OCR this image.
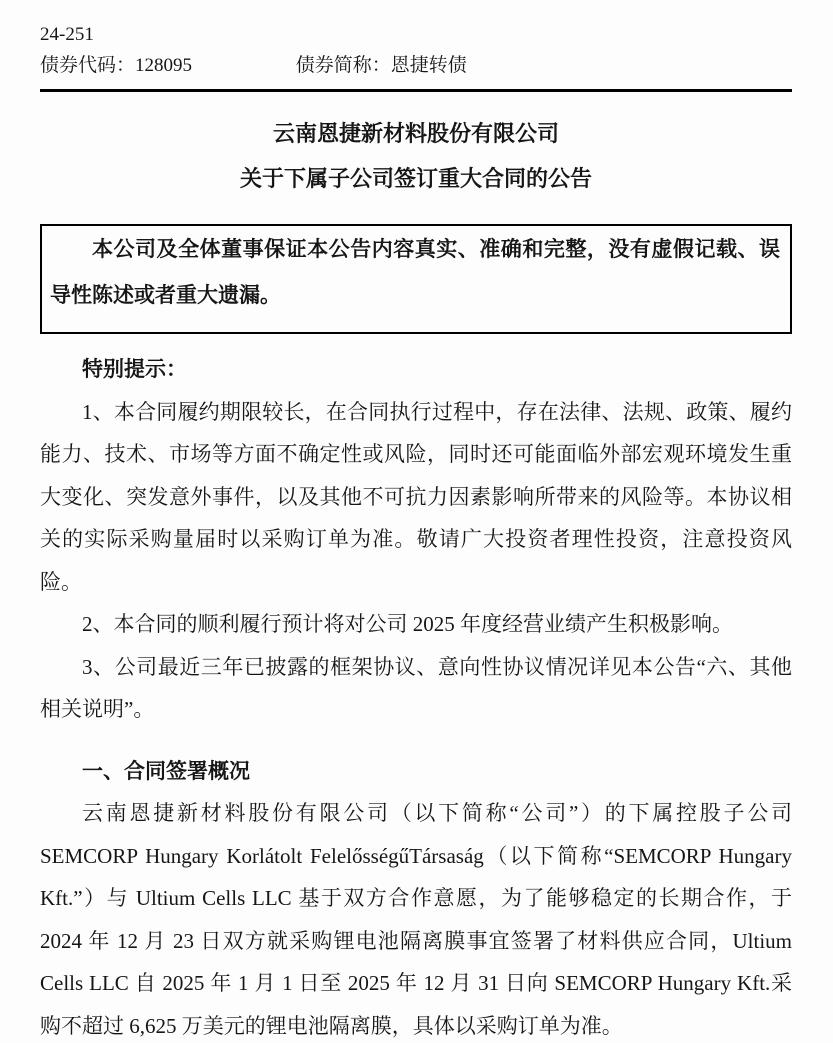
24-251
债券代码：128095	债券简称：恩捷转债
云南恩捷新材料股份有限公司
关于下属子公司签订重大合同的公告

本公司及全体董事保证本公告内容真实、准确和完整，没有虚假记载、误导性陈述或者重大遗漏。

特别提示：

1、本合同履约期限较长，在合同执行过程中，存在法律、法规、政策、履约能力、技术、市场等方面不确定性或风险，同时还可能面临外部宏观环境发生重大变化、突发意外事件，以及其他不可抗力因素影响所带来的风险等。本协议相关的实际采购量届时以采购订单为准。敬请广大投资者理性投资，注意投资风险。

2、本合同的顺利履行预计将对公司 2025 年度经营业绩产生积极影响。

3、公司最近三年已披露的框架协议、意向性协议情况详见本公告“六、其他相关说明”。

一、合同签署概况

云南恩捷新材料股份有限公司（以下简称“公司”）的下属控股子公司 SEMCORP Hungary Korlátolt FelelősségűTársaság（以下简称“SEMCORP Hungary Kft.”）与 Ultium Cells LLC 基于双方合作意愿，为了能够稳定的长期合作，于 2024 年 12 月 23 日双方就采购锂电池隔离膜事宜签署了材料供应合同，Ultium Cells LLC 自 2025 年 1 月 1 日至 2025 年 12 月 31 日向 SEMCORP Hungary Kft.采购不超过 6,625 万美元的锂电池隔离膜，具体以采购订单为准。
